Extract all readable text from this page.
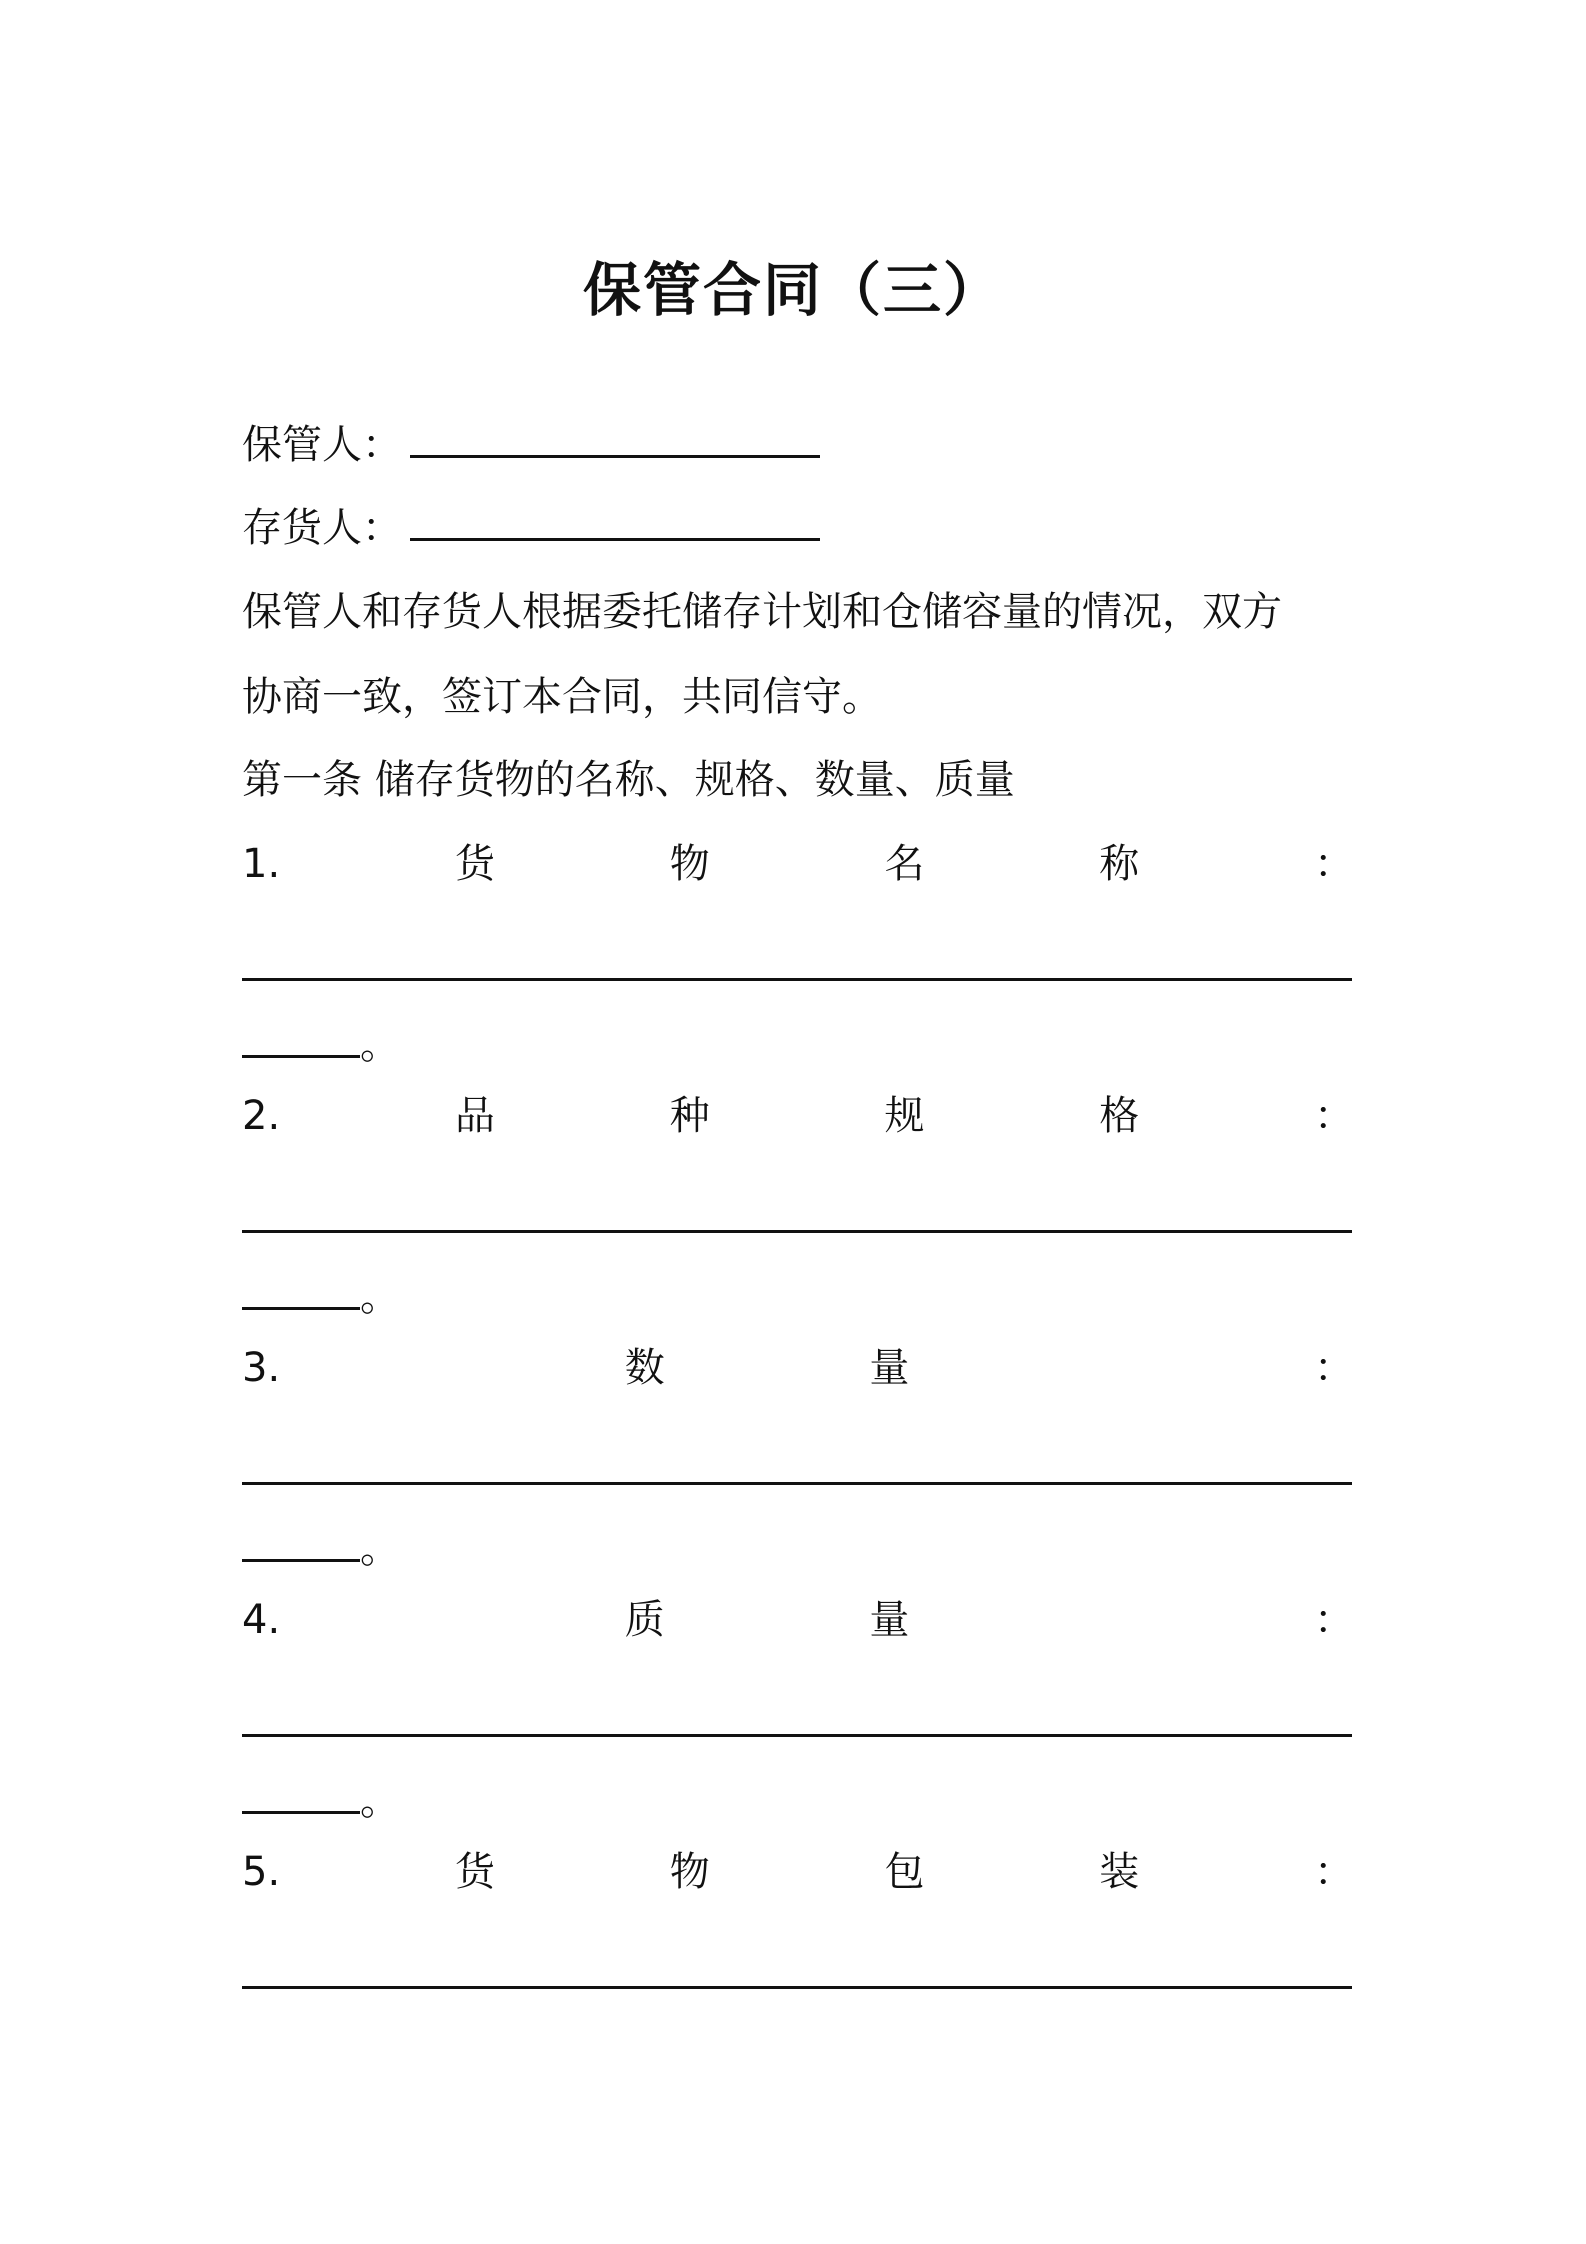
保管合同（三）
保管人：
存货人：
保管人和存货人根据委托储存计划和仓储容量的情况，双方
协商一致，签订本合同，共同信守。
第一条 储存货物的名称、规格、数量、质量
1.	货	物	名	称	：
。
2.	品	种	规	格	：
。
3.	数	量	：
。
4.	质	量	：
。
5.	货	物	包	装	：
